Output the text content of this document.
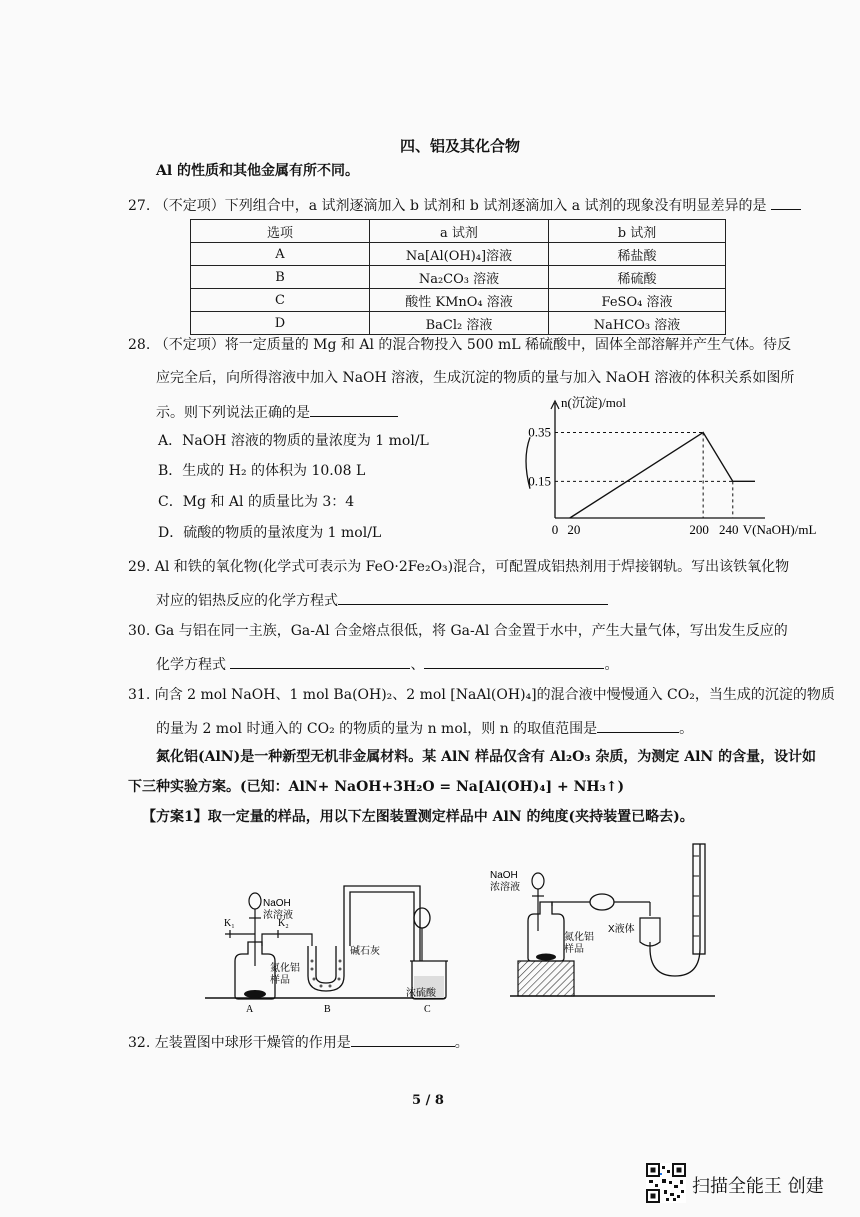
四、铝及其化合物
Al 的性质和其他金属有所不同。
27. （不定项）下列组合中，a 试剂逐滴加入 b 试剂和 b 试剂逐滴加入 a 试剂的现象没有明显差异的是
选项	a 试剂	b 试剂
A	Na[Al(OH)₄]溶液	稀盐酸
B	Na₂CO₃ 溶液	稀硫酸
C	酸性 KMnO₄ 溶液	FeSO₄ 溶液
D	BaCl₂ 溶液	NaHCO₃ 溶液
28. （不定项）将一定质量的 Mg 和 Al 的混合物投入 500 mL 稀硫酸中，固体全部溶解并产生气体。待反
应完全后，向所得溶液中加入 NaOH 溶液，生成沉淀的物质的量与加入 NaOH 溶液的体积关系如图所
示。则下列说法正确的是
A．NaOH 溶液的物质的量浓度为 1 mol/L
B．生成的 H₂ 的体积为 10.08 L
C．Mg 和 Al 的质量比为 3：4
D．硫酸的物质的量浓度为 1 mol/L
n(沉淀)/mol
V(NaOH)/mL
0.35
0.15
0 20	200 240
29. Al 和铁的氧化物(化学式可表示为 FeO·2Fe₂O₃)混合，可配置成铝热剂用于焊接钢轨。写出该铁氧化物
对应的铝热反应的化学方程式
30. Ga 与铝在同一主族，Ga-Al 合金熔点很低，将 Ga-Al 合金置于水中，产生大量气体，写出发生反应的
化学方程式	、	。
31. 向含 2 mol NaOH、1 mol Ba(OH)₂、2 mol [NaAl(OH)₄]的混合液中慢慢通入 CO₂，当生成的沉淀的物质
的量为 2 mol 时通入的 CO₂ 的物质的量为 n mol，则 n 的取值范围是	。
氮化铝(AlN)是一种新型无机非金属材料。某 AlN 样品仅含有 Al₂O₃ 杂质，为测定 AlN 的含量，设计如
下三种实验方案。(已知：AlN+ NaOH+3H₂O = Na[Al(OH)₄] + NH₃↑)
【方案1】取一定量的样品，用以下左图装置测定样品中 AlN 的纯度(夹持装置已略去)。
NaOH
浓溶液
K₁	K₂
氮化铝
样品
碱石灰
浓硫酸
A	B	C
NaOH
浓溶液
氮化铝
样品
X液体
32. 左装置图中球形干燥管的作用是	。
5 / 8
扫描全能王 创建
